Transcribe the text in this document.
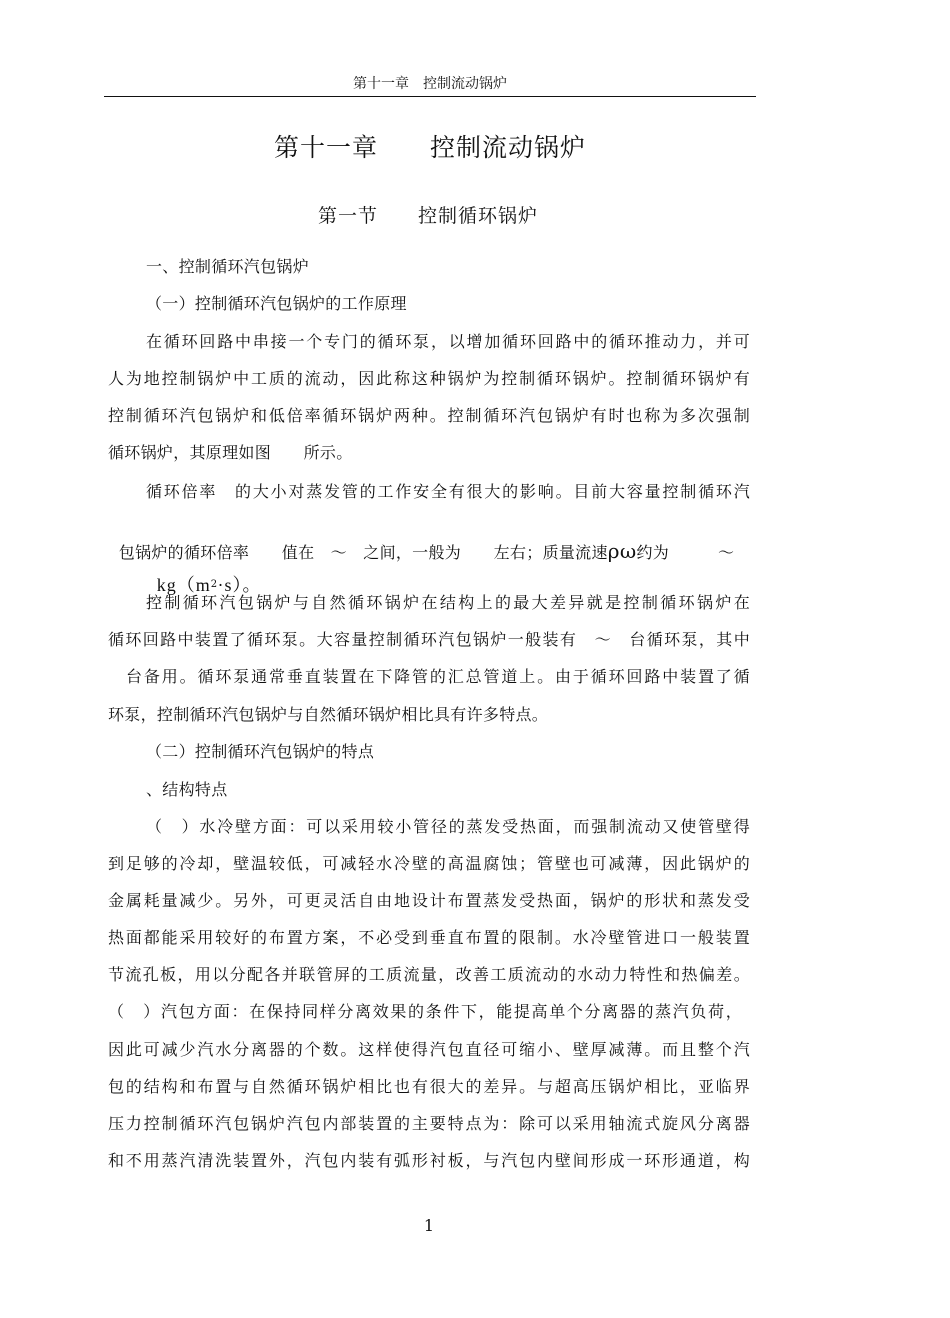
第十一章　控制流动锅炉
第十一章　　控制流动锅炉
第一节　　控制循环锅炉
一、控制循环汽包锅炉
（一）控制循环汽包锅炉的工作原理
在循环回路中串接一个专门的循环泵，以增加循环回路中的循环推动力，并可
人为地控制锅炉中工质的流动，因此称这种锅炉为控制循环锅炉。控制循环锅炉有
控制循环汽包锅炉和低倍率循环锅炉两种。控制循环汽包锅炉有时也称为多次强制
循环锅炉，其原理如图　　所示。
循环倍率　的大小对蒸发管的工作安全有很大的影响。目前大容量控制循环汽

包锅炉的循环倍率　　值在　～　之间，一般为　　左右；质量流速ρω约为　　　～

$kg(m^2\cdot s)$。

控制循环汽包锅炉与自然循环锅炉在结构上的最大差异就是控制循环锅炉在
循环回路中装置了循环泵。大容量控制循环汽包锅炉一般装有　～　台循环泵，其中
台备用。循环泵通常垂直装置在下降管的汇总管道上。由于循环回路中装置了循
环泵，控制循环汽包锅炉与自然循环锅炉相比具有许多特点。
（二）控制循环汽包锅炉的特点
、结构特点
（　）水冷壁方面：可以采用较小管径的蒸发受热面，而强制流动又使管壁得
到足够的冷却，壁温较低，可减轻水冷壁的高温腐蚀；管壁也可减薄，因此锅炉的
金属耗量减少。另外，可更灵活自由地设计布置蒸发受热面，锅炉的形状和蒸发受
热面都能采用较好的布置方案，不必受到垂直布置的限制。水冷壁管进口一般装置
节流孔板，用以分配各并联管屏的工质流量，改善工质流动的水动力特性和热偏差。
（　）汽包方面：在保持同样分离效果的条件下，能提高单个分离器的蒸汽负荷，
因此可减少汽水分离器的个数。这样使得汽包直径可缩小、壁厚减薄。而且整个汽
包的结构和布置与自然循环锅炉相比也有很大的差异。与超高压锅炉相比，亚临界
压力控制循环汽包锅炉汽包内部装置的主要特点为：除可以采用轴流式旋风分离器
和不用蒸汽清洗装置外，汽包内装有弧形衬板，与汽包内壁间形成一环形通道，构
1
